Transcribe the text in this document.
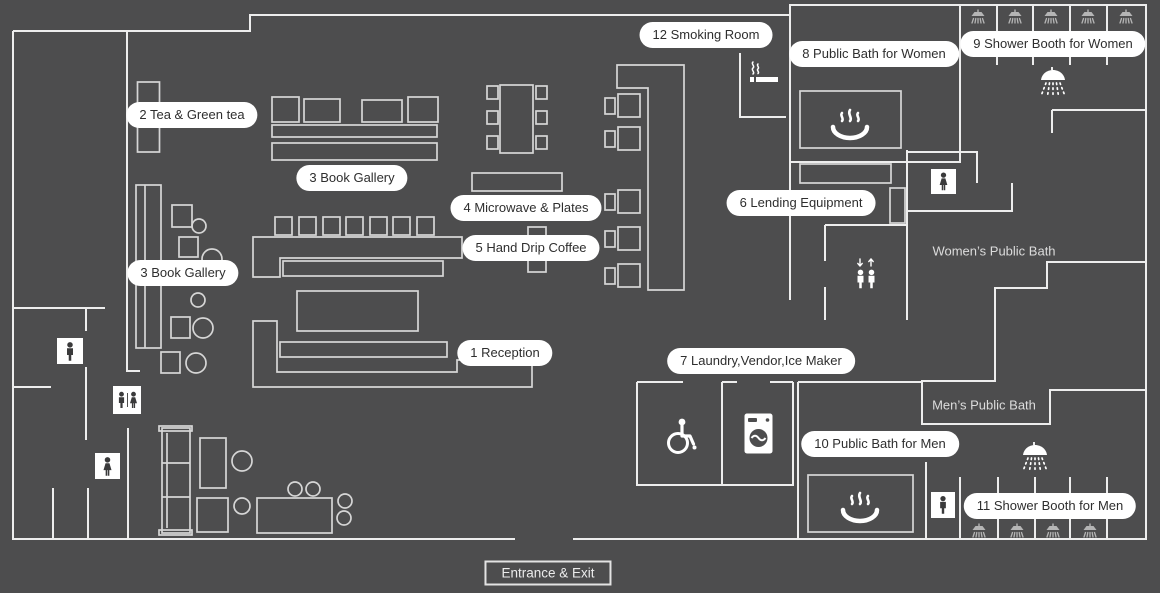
12 Smoking Room
8 Public Bath for Women
9 Shower Booth for Women
2 Tea & Green tea
3 Book Gallery
4 Microwave & Plates
5 Hand Drip Coffee
6 Lending Equipment
3 Book Gallery
1 Reception
7 Laundry,Vendor,Ice Maker
10 Public Bath for Men
11 Shower Booth for Men
Women’s Public Bath
Men’s Public Bath
Entrance & Exit
